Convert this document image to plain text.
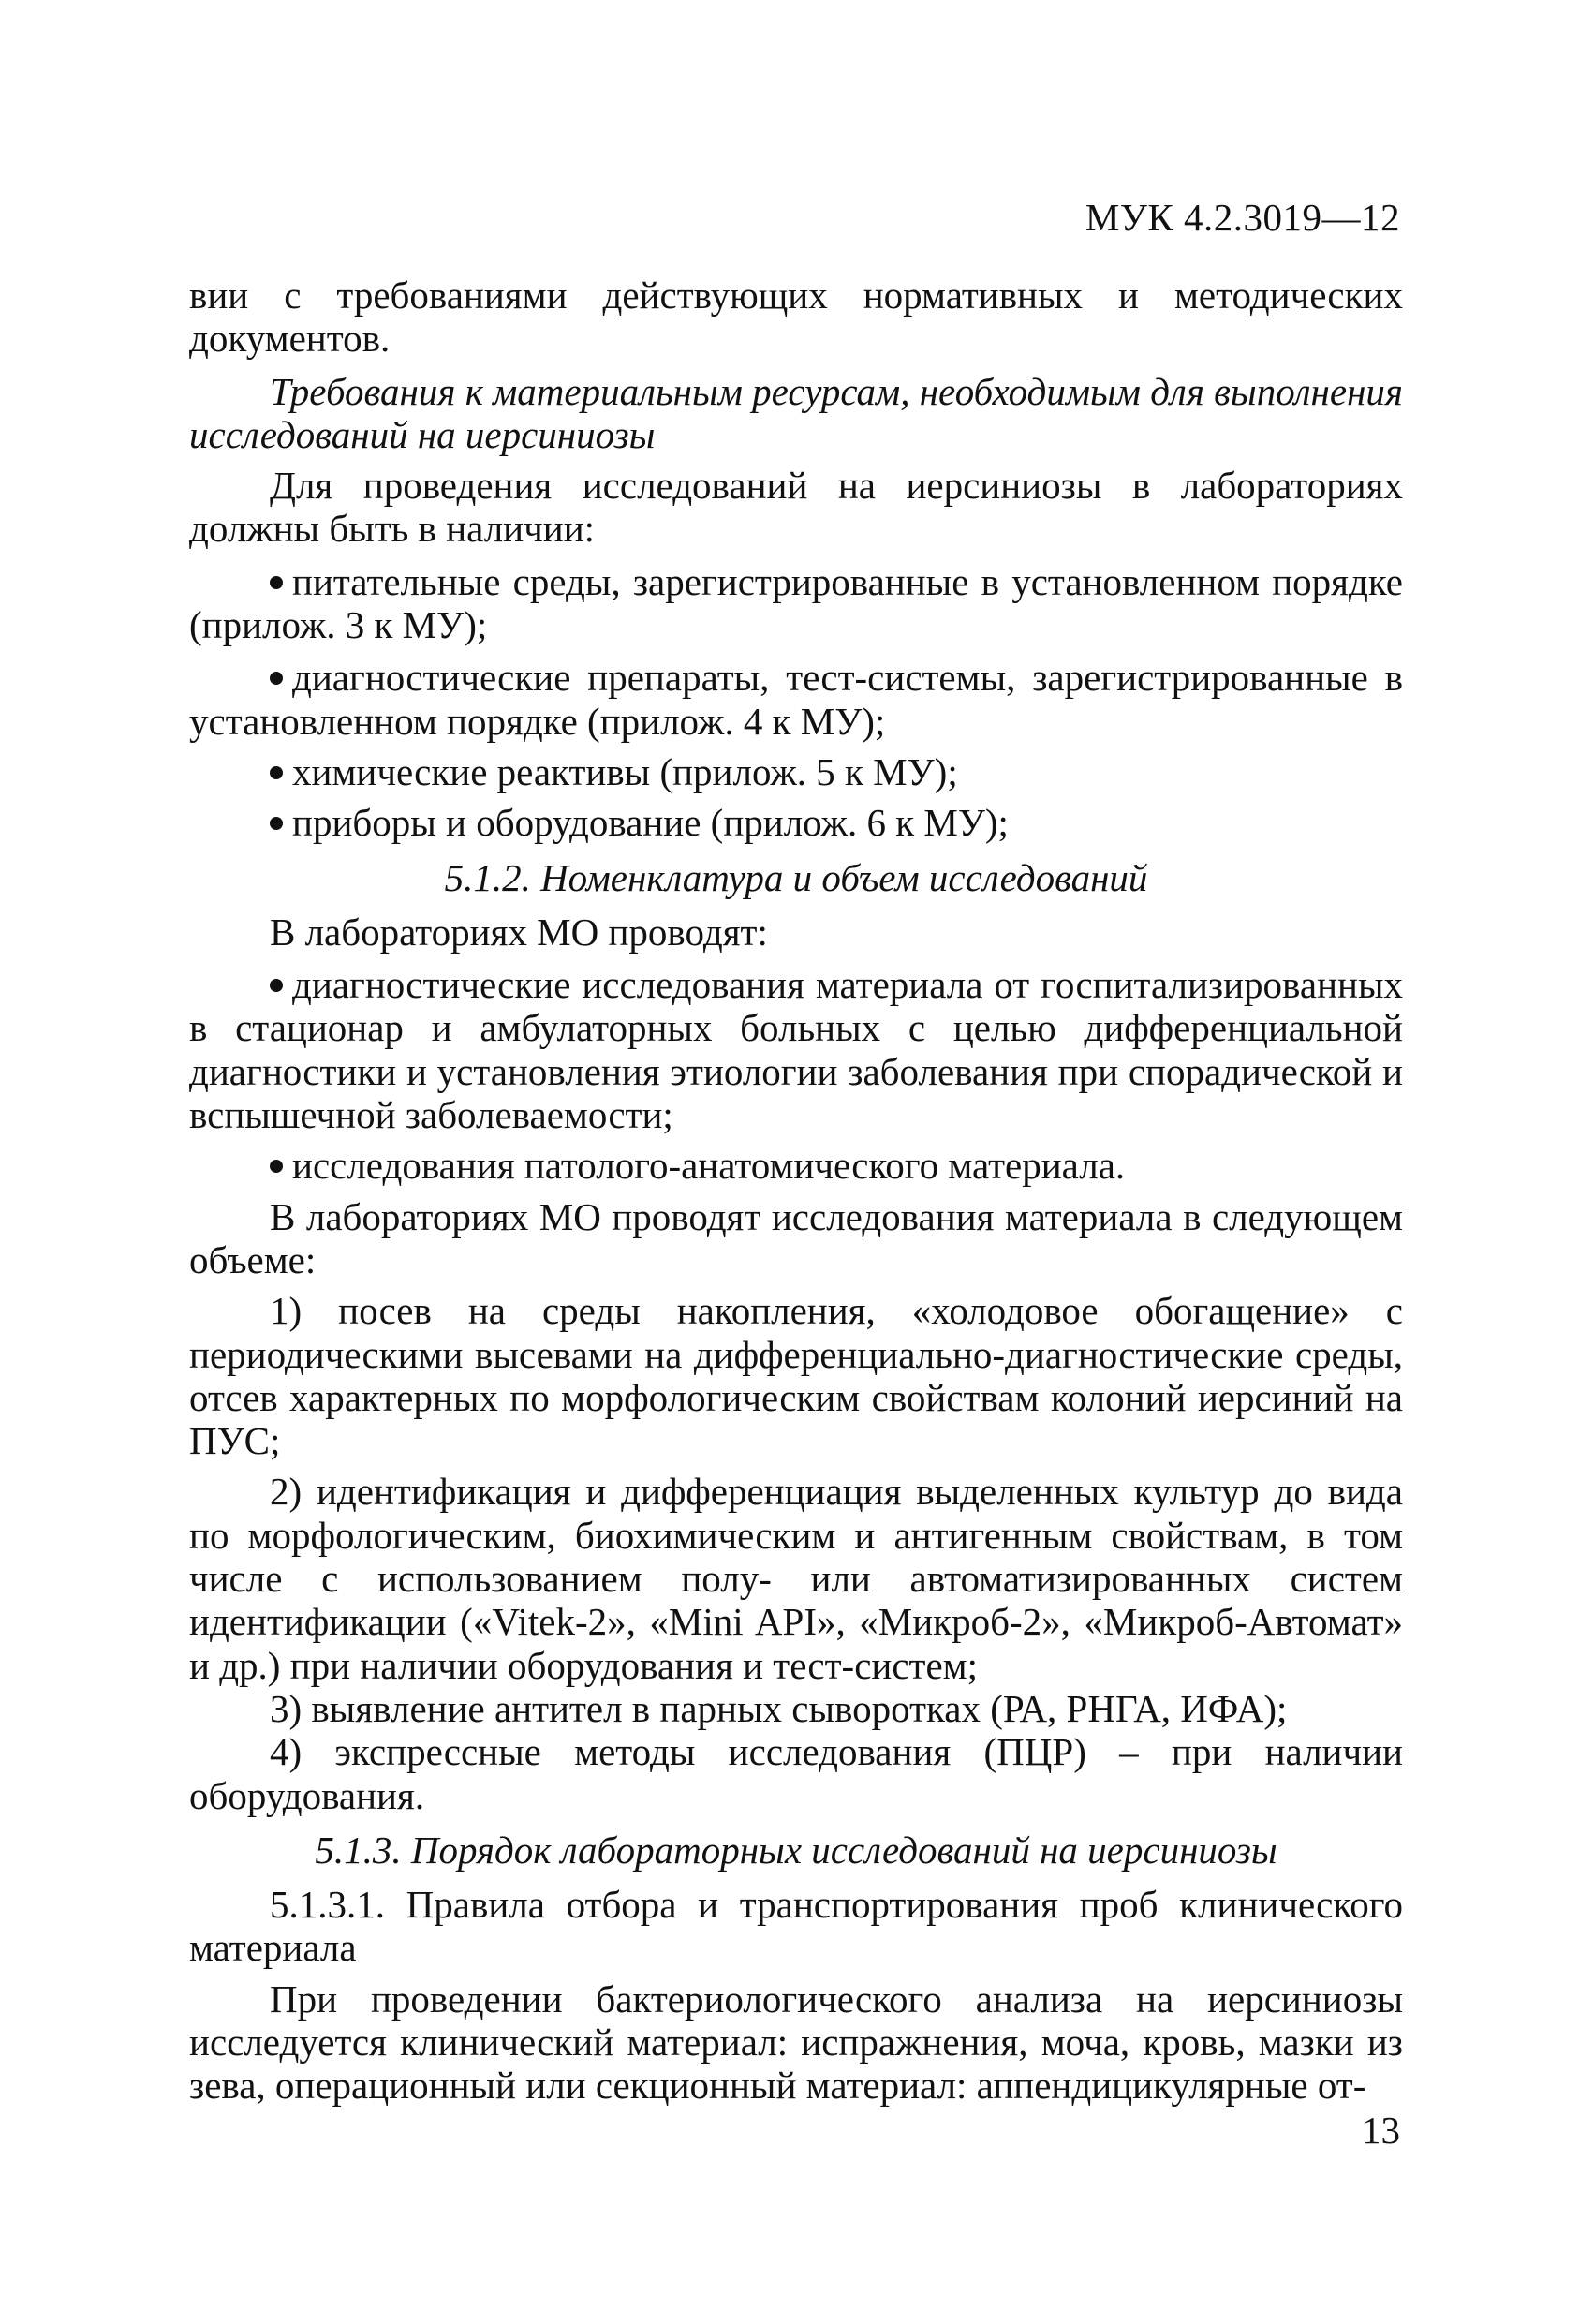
МУК 4.2.3019—12

вии с требованиями действующих нормативных и методических документов.

Требования к материальным ресурсам, необходимым для выполнения исследований на иерсиниозы

Для проведения исследований на иерсиниозы в лабораториях должны быть в наличии:

питательные среды, зарегистрированные в установленном порядке (прилож. 3 к МУ);

диагностические препараты, тест-системы, зарегистрированные в установленном порядке (прилож. 4 к МУ);

химические реактивы (прилож. 5 к МУ);

приборы и оборудование (прилож. 6 к МУ);

5.1.2. Номенклатура и объем исследований

В лабораториях МО проводят:

диагностические исследования материала от госпитализированных в стационар и амбулаторных больных с целью дифференциальной диагностики и установления этиологии заболевания при спорадической и вспышечной заболеваемости;

исследования патолого-анатомического материала.

В лабораториях МО проводят исследования материала в следующем объеме:

1) посев на среды накопления, «холодовое обогащение» с периодическими высевами на дифференциально-диагностические среды, отсев характерных по морфологическим свойствам колоний иерсиний на ПУС;

2) идентификация и дифференциация выделенных культур до вида по морфологическим, биохимическим и антигенным свойствам, в том числе с использованием полу- или автоматизированных систем идентификации («Vitek-2», «Mini API», «Микроб-2», «Микроб-Автомат» и др.) при наличии оборудования и тест-систем;

3) выявление антител в парных сыворотках (РА, РНГА, ИФА);

4) экспрессные методы исследования (ПЦР) – при наличии оборудования.

5.1.3. Порядок лабораторных исследований на иерсиниозы

5.1.3.1. Правила отбора и транспортирования проб клинического материала

При проведении бактериологического анализа на иерсиниозы исследуется клинический материал: испражнения, моча, кровь, мазки из зева, операционный или секционный материал: аппендицикулярные от-

13
